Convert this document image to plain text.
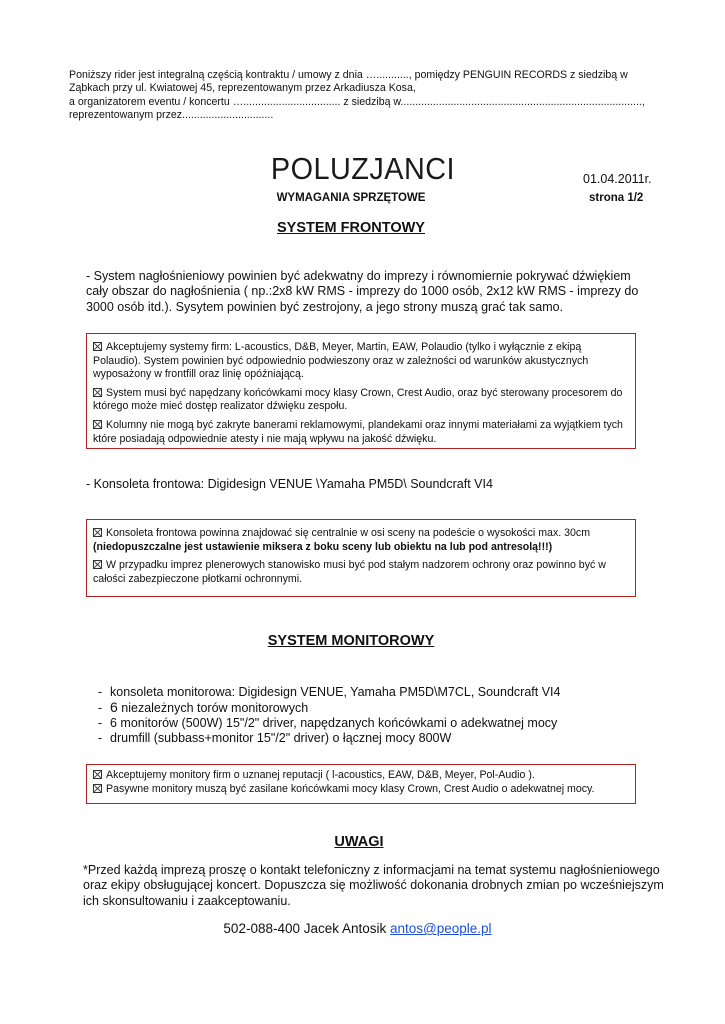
Poniższy rider jest integralną częścią kontraktu / umowy z dnia …..........., pomiędzy PENGUIN RECORDS z siedzibą w
Ząbkach przy ul. Kwiatowej 45, reprezentowanym przez Arkadiusza Kosa,
a organizatorem eventu / koncertu …................................. z siedzibą w..................................................................................,
reprezentowanym przez...............................
POLUZJANCI	01.04.2011r.
WYMAGANIA SPRZĘTOWE	strona 1/2
SYSTEM FRONTOWY
- System nagłośnieniowy powinien być adekwatny do imprezy i równomiernie pokrywać dźwiękiem
cały obszar do nagłośnienia ( np.:2x8 kW RMS - imprezy do 1000 osób, 2x12 kW RMS - imprezy do
3000 osób itd.). Sysytem powinien być zestrojony, a jego strony muszą grać tak samo.

Akceptujemy systemy firm: L-acoustics, D&B, Meyer, Martin, EAW, Polaudio (tylko i wyłącznie z ekipą Polaudio). System powinien być odpowiednio podwieszony oraz w zależności od warunków akustycznych wyposażony w frontfill oraz linię opóźniającą.

System musi być napędzany końcówkami mocy klasy Crown, Crest Audio, oraz być sterowany procesorem do którego może mieć dostęp realizator dźwięku zespołu.

Kolumny nie mogą być zakryte banerami reklamowymi, plandekami oraz innymi materiałami za wyjątkiem tych które posiadają odpowiednie atesty i nie mają wpływu na jakość dźwięku.

- Konsoleta frontowa: Digidesign VENUE \Yamaha PM5D\ Soundcraft VI4

Konsoleta frontowa powinna znajdować się centralnie w osi sceny na podeście o wysokości max. 30cm
(niedopuszczalne jest ustawienie miksera z boku sceny lub obiektu na lub pod antresolą!!!)

W przypadku imprez plenerowych stanowisko musi być pod stałym nadzorem ochrony oraz powinno być w całości zabezpieczone płotkami ochronnymi.

SYSTEM MONITOROWY
- konsoleta monitorowa: Digidesign VENUE, Yamaha PM5D\M7CL, Soundcraft VI4
- 6 niezależnych torów monitorowych
- 6 monitorów (500W) 15"/2" driver, napędzanych końcówkami o adekwatnej mocy
- drumfill (subbass+monitor 15"/2" driver) o łącznej mocy 800W

Akceptujemy monitory firm o uznanej reputacji ( l-acoustics, EAW, D&B, Meyer, Pol-Audio ).

Pasywne monitory muszą być zasilane końcówkami mocy klasy Crown, Crest Audio o adekwatnej mocy.

UWAGI
*Przed każdą imprezą proszę o kontakt telefoniczny z informacjami na temat systemu nagłośnieniowego
oraz ekipy obsługującej koncert. Dopuszcza się możliwość dokonania drobnych zmian po wcześniejszym
ich skonsultowaniu i zaakceptowaniu.
502-088-400 Jacek Antosik antos@people.pl
